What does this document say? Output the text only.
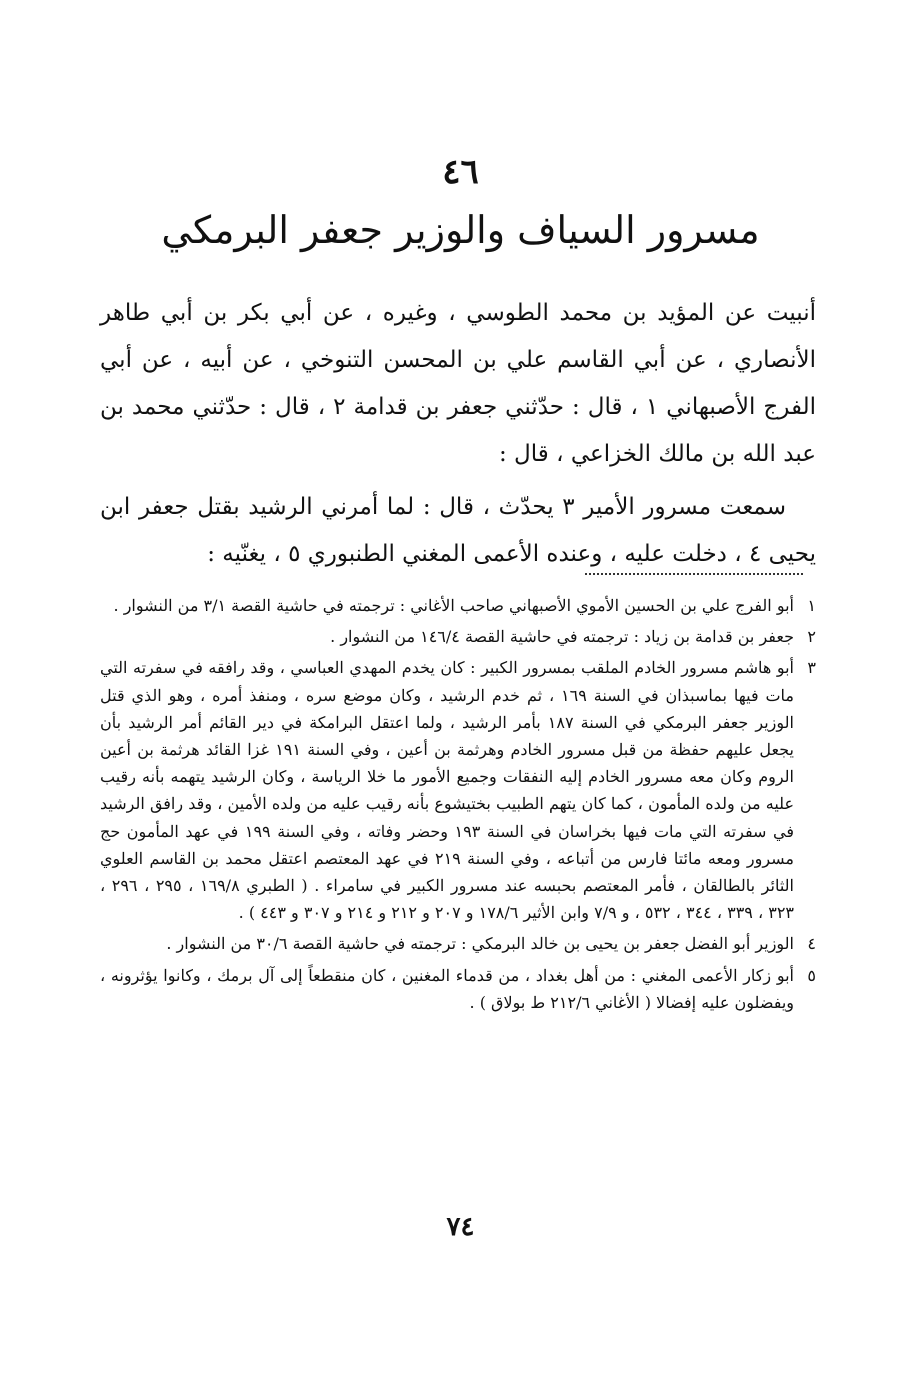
٤٦
مسرور السياف والوزير جعفر البرمكي

أنبيت عن المؤيد بن محمد الطوسي ، وغيره ، عن أبي بكر بن أبي طاهر الأنصاري ، عن أبي القاسم علي بن المحسن التنوخي ، عن أبيه ، عن أبي الفرج الأصبهاني ١ ، قال : حدّثني جعفر بن قدامة ٢ ، قال : حدّثني محمد بن عبد الله بن مالك الخزاعي ، قال :

سمعت مسرور الأمير ٣ يحدّث ، قال : لما أمرني الرشيد بقتل جعفر ابن يحيى ٤ ، دخلت عليه ، وعنده الأعمى المغني الطنبوري ٥ ، يغنّيه :

١
أبو الفرج علي بن الحسين الأموي الأصبهاني صاحب الأغاني : ترجمته في حاشية القصة ٣/١ من النشوار .
٢
جعفر بن قدامة بن زياد : ترجمته في حاشية القصة ١٤٦/٤ من النشوار .
٣
أبو هاشم مسرور الخادم الملقب بمسرور الكبير : كان يخدم المهدي العباسي ، وقد رافقه في سفرته التي مات فيها بماسبذان في السنة ١٦٩ ، ثم خدم الرشيد ، وكان موضع سره ، ومنفذ أمره ، وهو الذي قتل الوزير جعفر البرمكي في السنة ١٨٧ بأمر الرشيد ، ولما اعتقل البرامكة في دير القائم أمر الرشيد بأن يجعل عليهم حفظة من قبل مسرور الخادم وهرثمة بن أعين ، وفي السنة ١٩١ غزا القائد هرثمة بن أعين الروم وكان معه مسرور الخادم إليه النفقات وجميع الأمور ما خلا الرياسة ، وكان الرشيد يتهمه بأنه رقيب عليه من ولده المأمون ، كما كان يتهم الطبيب بختيشوع بأنه رقيب عليه من ولده الأمين ، وقد رافق الرشيد في سفرته التي مات فيها بخراسان في السنة ١٩٣ وحضر وفاته ، وفي السنة ١٩٩ في عهد المأمون حج مسرور ومعه مائتا فارس من أتباعه ، وفي السنة ٢١٩ في عهد المعتصم اعتقل محمد بن القاسم العلوي الثائر بالطالقان ، فأمر المعتصم بحبسه عند مسرور الكبير في سامراء . ( الطبري ١٦٩/٨ ، ٢٩٥ ، ٢٩٦ ، ٣٢٣ ، ٣٣٩ ، ٣٤٤ ، ٥٣٢ ، و ٧/٩ وابن الأثير ١٧٨/٦ و ٢٠٧ و ٢١٢ و ٢١٤ و ٣٠٧ و ٤٤٣ ) .
٤
الوزير أبو الفضل جعفر بن يحيى بن خالد البرمكي : ترجمته في حاشية القصة ٣٠/٦ من النشوار .
٥
أبو زكار الأعمى المغني : من أهل بغداد ، من قدماء المغنين ، كان منقطعاً إلى آل برمك ، وكانوا يؤثرونه ، ويفضلون عليه إفضالا ( الأغاني ٢١٢/٦ ط بولاق ) .
٧٤
